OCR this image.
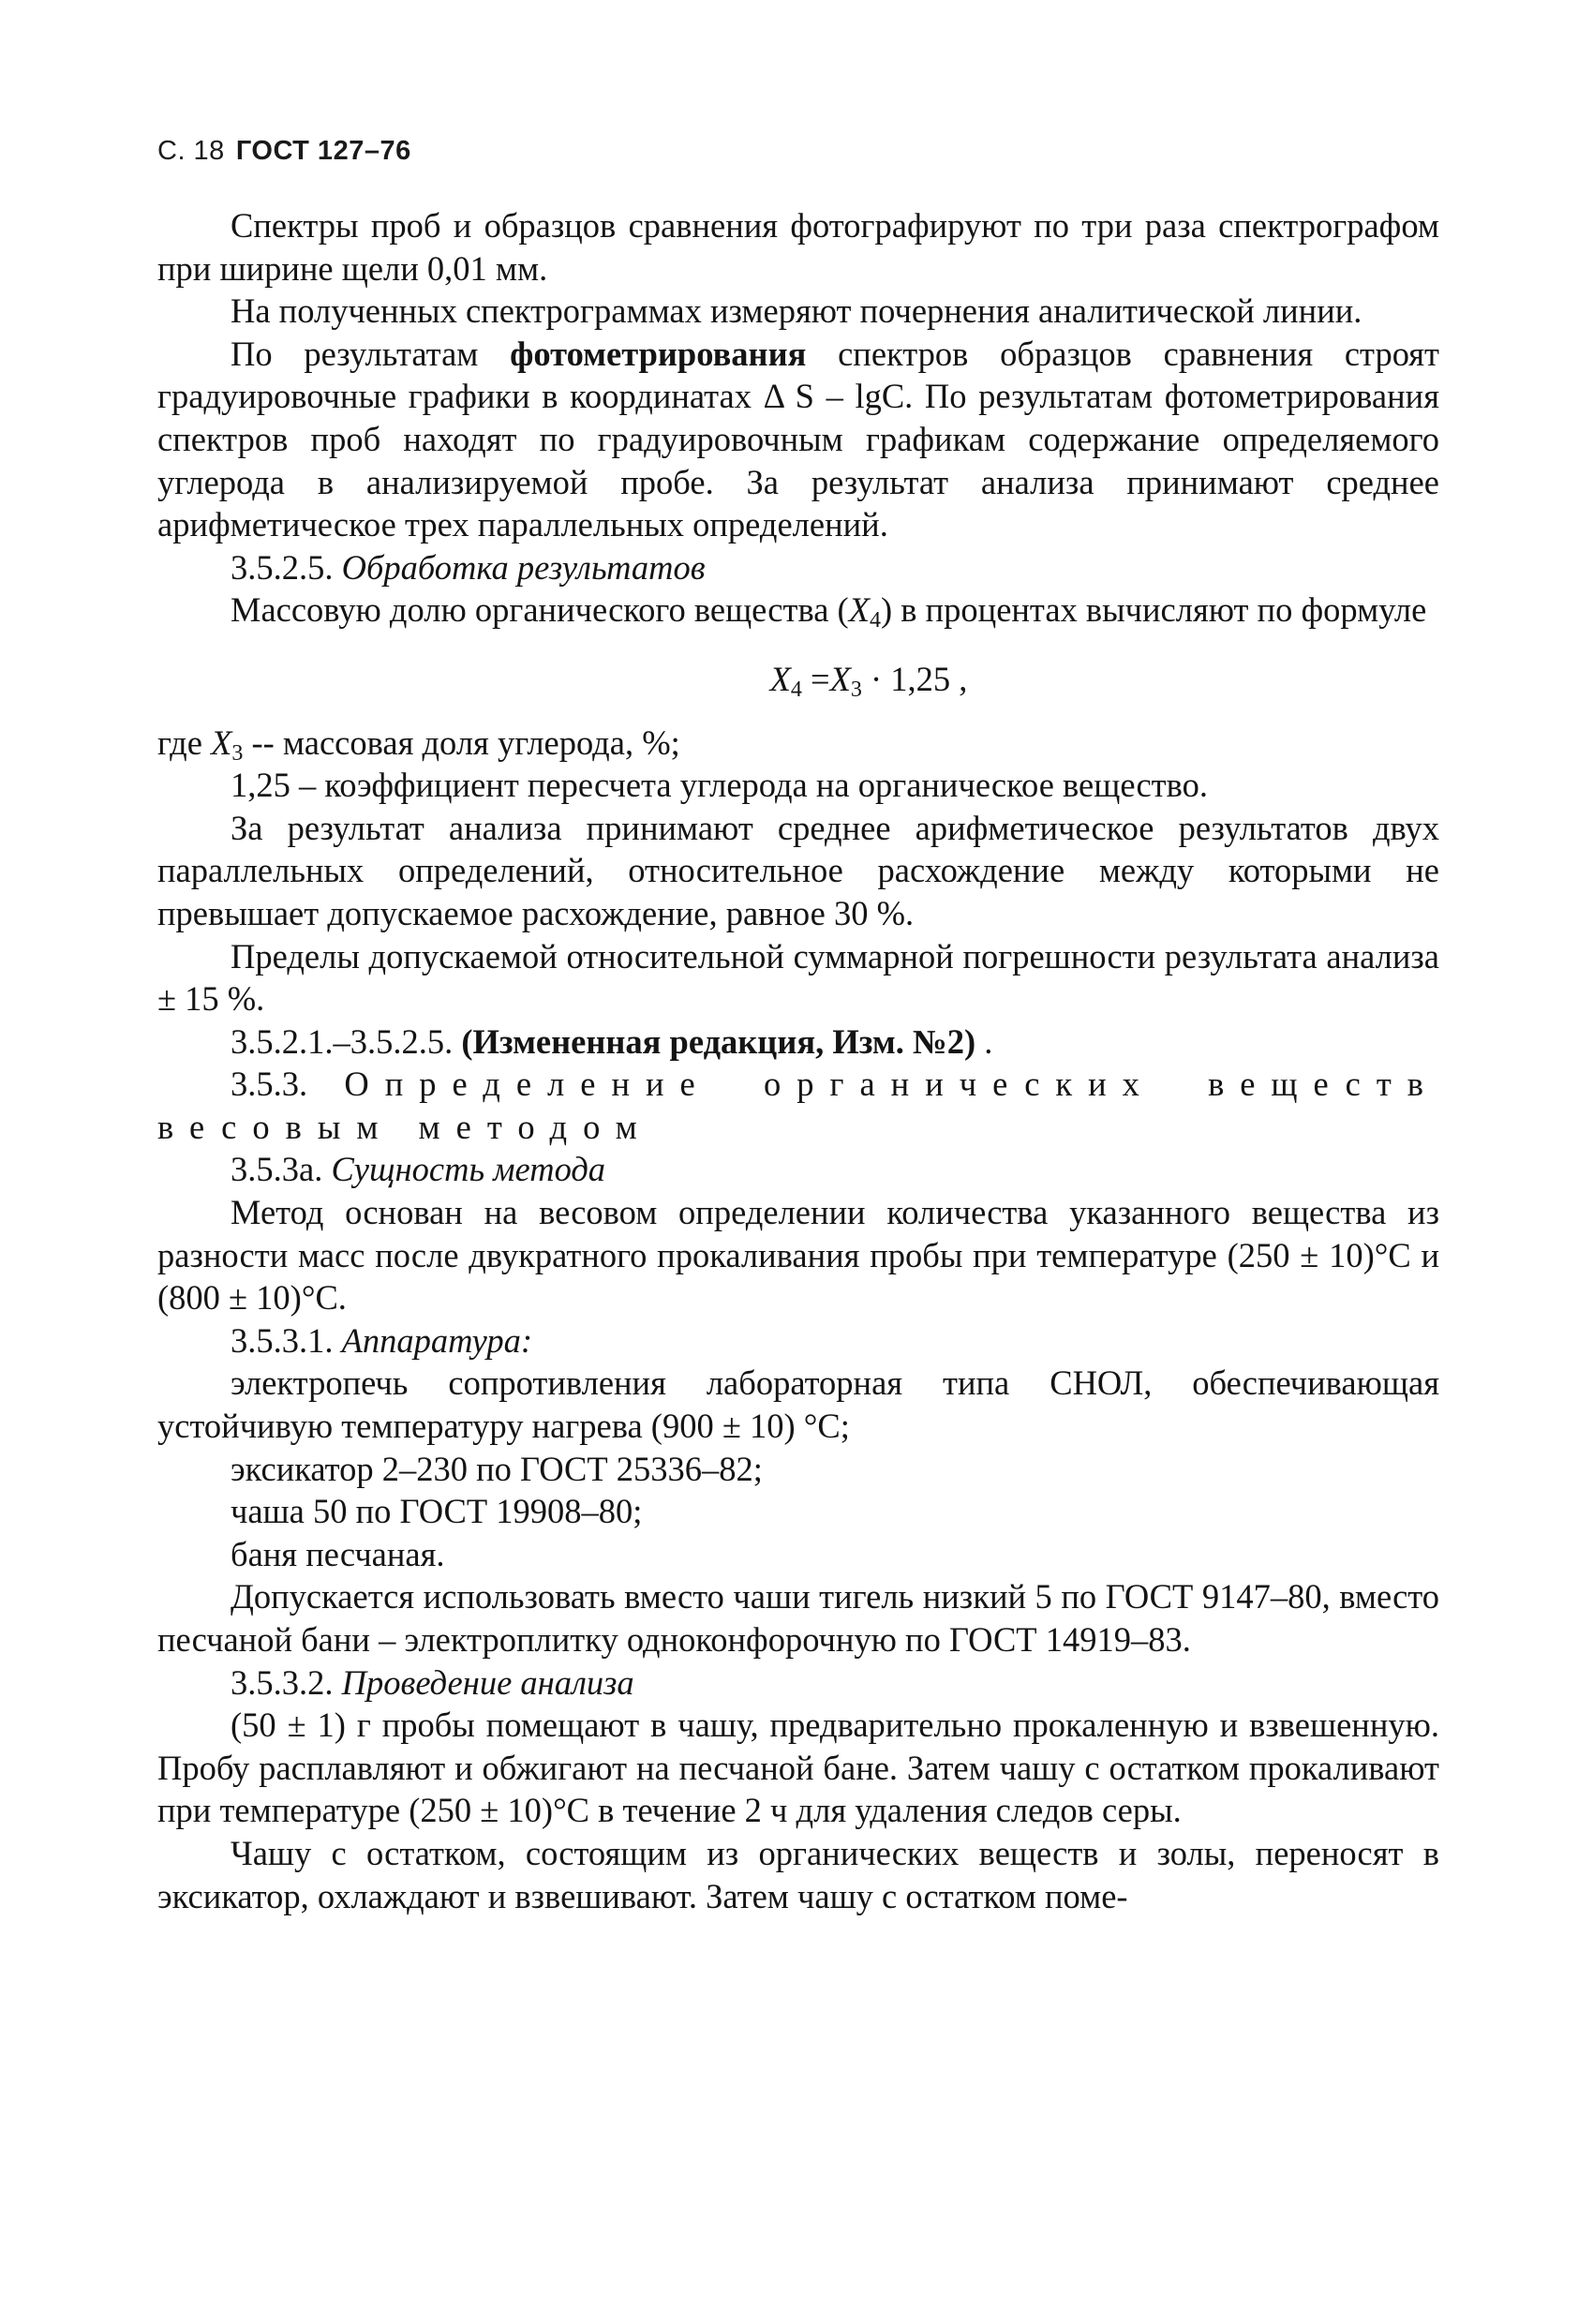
С. 18 ГОСТ 127–76

Спектры проб и образцов сравнения фотографируют по три раза спектрографом при ширине щели 0,01 мм.

На полученных спектрограммах измеряют почернения аналитической линии.

По результатам фотометрирования спектров образцов сравнения строят градуировочные графики в координатах Δ S – lgC. По результатам фотометрирования спектров проб находят по градуировочным графикам содержание определяемого углерода в анализируемой пробе. За результат анализа принимают среднее арифметическое трех параллельных определений.

3.5.2.5. Обработка результатов

Массовую долю органического вещества $(X_4)$ в процентах вычисляют по формуле

$X_4 =X_3 \cdot 1,25$ ,

где $X_3$ -- массовая доля углерода, %;

1,25 – коэффициент пересчета углерода на органическое вещество.

За результат анализа принимают среднее арифметическое результатов двух параллельных определений, относительное расхождение между которыми не превышает допускаемое расхождение, равное 30 %.

Пределы допускаемой относительной суммарной погрешности результата анализа ± 15 %.

3.5.2.1.–3.5.2.5. (Измененная редакция, Изм. №2) .

3.5.3. Определение органических веществ весовым методом

3.5.3а. Сущность метода

Метод основан на весовом определении количества указанного вещества из разности масс после двукратного прокаливания пробы при температуре (250 ± 10)°С и (800 ± 10)°С.

3.5.3.1. Аппаратура:

электропечь сопротивления лабораторная типа СНОЛ, обеспечивающая устойчивую температуру нагрева (900 ± 10) °С;

эксикатор 2–230 по ГОСТ 25336–82;

чаша 50 по ГОСТ 19908–80;

баня песчаная.

Допускается использовать вместо чаши тигель низкий 5 по ГОСТ 9147–80, вместо песчаной бани – электроплитку одноконфорочную по ГОСТ 14919–83.

3.5.3.2. Проведение анализа

(50 ± 1) г пробы помещают в чашу, предварительно прокаленную и взвешенную. Пробу расплавляют и обжигают на песчаной бане. Затем чашу с остатком прокаливают при температуре (250 ± 10)°С в течение 2 ч для удаления следов серы.

Чашу с остатком, состоящим из органических веществ и золы, переносят в эксикатор, охлаждают и взвешивают. Затем чашу с остатком поме-
